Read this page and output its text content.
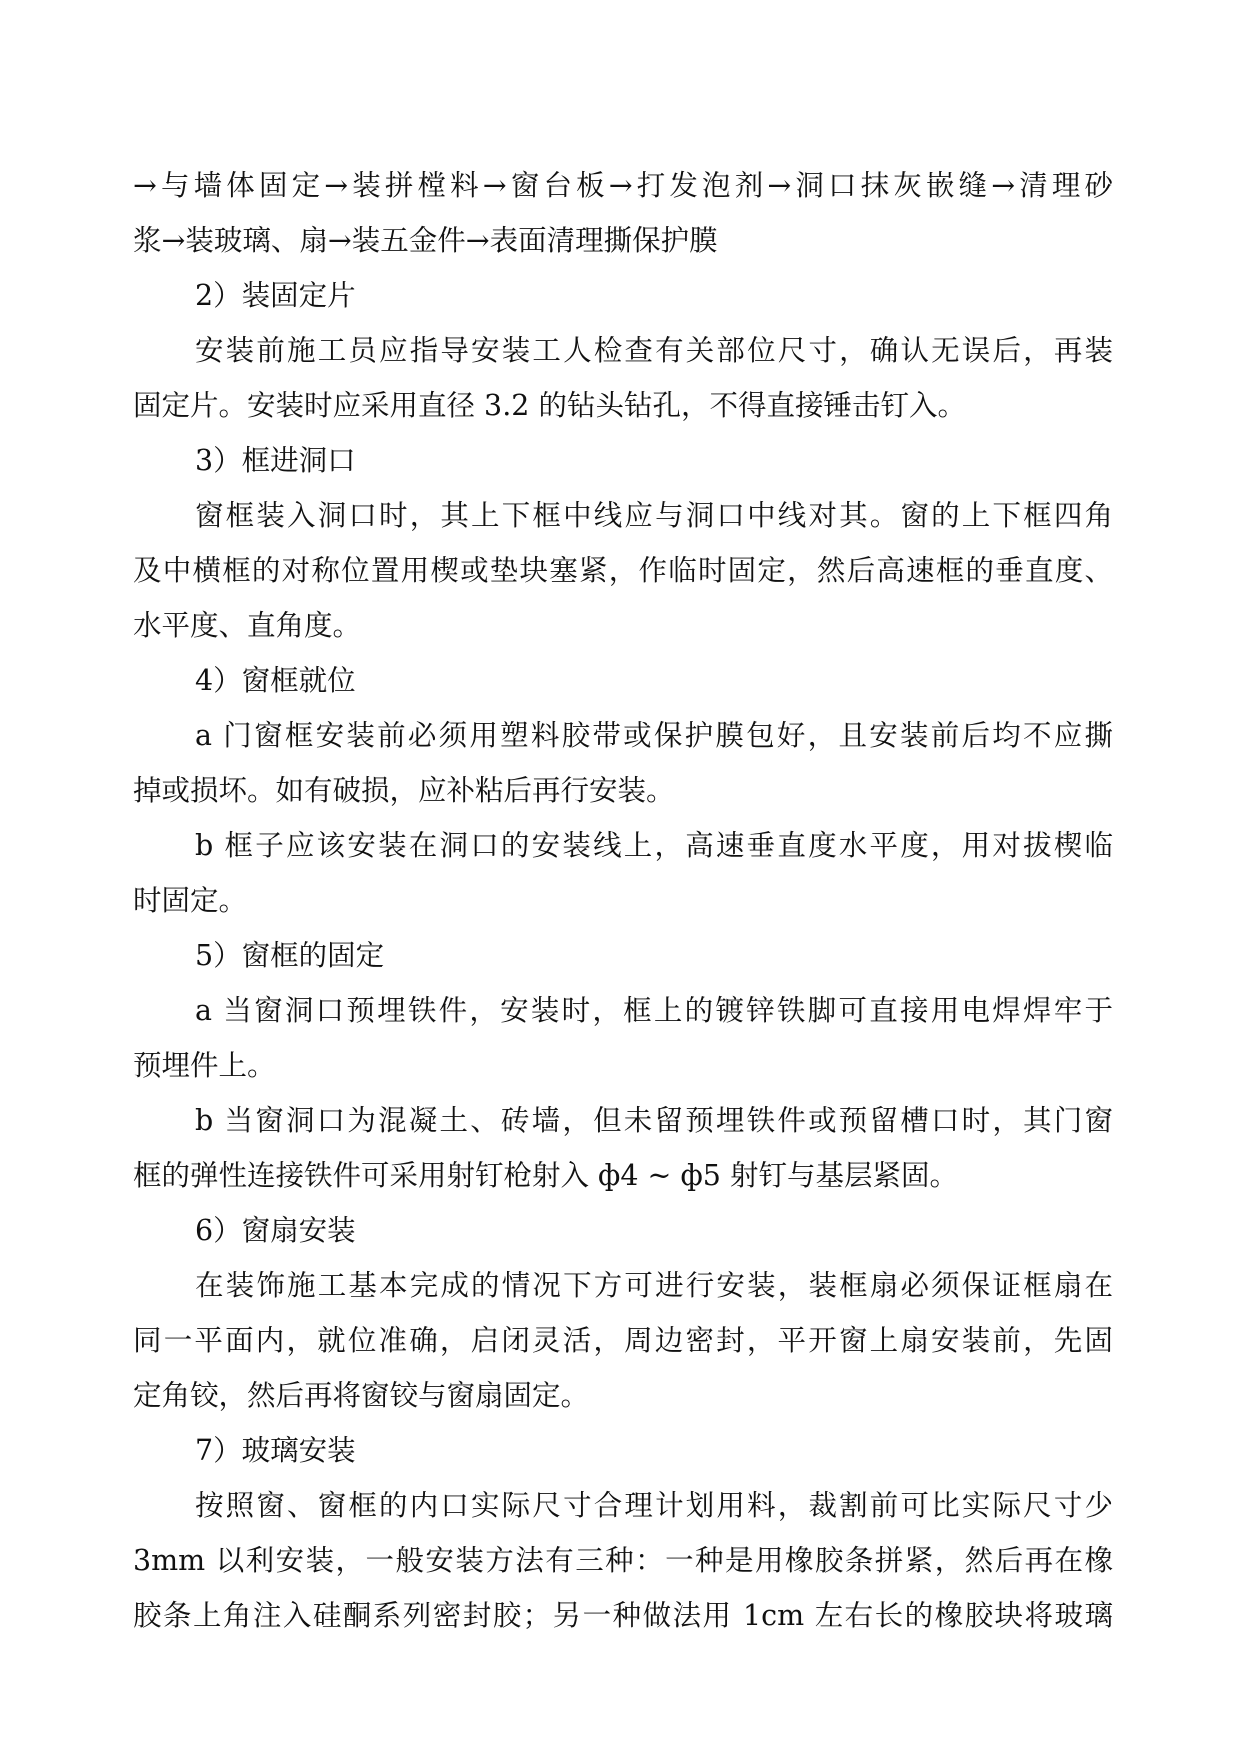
→与墙体固定→装拼樘料→窗台板→打发泡剂→洞口抹灰嵌缝→清理砂
浆→装玻璃、扇→装五金件→表面清理撕保护膜
2）装固定片
安装前施工员应指导安装工人检查有关部位尺寸，确认无误后，再装
固定片。安装时应采用直径 3.2 的钻头钻孔，不得直接锤击钉入。
3）框进洞口
窗框装入洞口时，其上下框中线应与洞口中线对其。窗的上下框四角
及中横框的对称位置用楔或垫块塞紧，作临时固定，然后高速框的垂直度、
水平度、直角度。
4）窗框就位
a 门窗框安装前必须用塑料胶带或保护膜包好，且安装前后均不应撕
掉或损坏。如有破损，应补粘后再行安装。
b 框子应该安装在洞口的安装线上，高速垂直度水平度，用对拔楔临
时固定。
5）窗框的固定
a 当窗洞口预埋铁件，安装时，框上的镀锌铁脚可直接用电焊焊牢于
预埋件上。
b 当窗洞口为混凝土、砖墙，但未留预埋铁件或预留槽口时，其门窗
框的弹性连接铁件可采用射钉枪射入 ф4 ~ ф5 射钉与基层紧固。
6）窗扇安装
在装饰施工基本完成的情况下方可进行安装，装框扇必须保证框扇在
同一平面内，就位准确，启闭灵活，周边密封，平开窗上扇安装前，先固
定角铰，然后再将窗铰与窗扇固定。
7）玻璃安装
按照窗、窗框的内口实际尺寸合理计划用料，裁割前可比实际尺寸少
3mm 以利安装，一般安装方法有三种：一种是用橡胶条拼紧，然后再在橡
胶条上角注入硅酮系列密封胶；另一种做法用 1cm 左右长的橡胶块将玻璃
